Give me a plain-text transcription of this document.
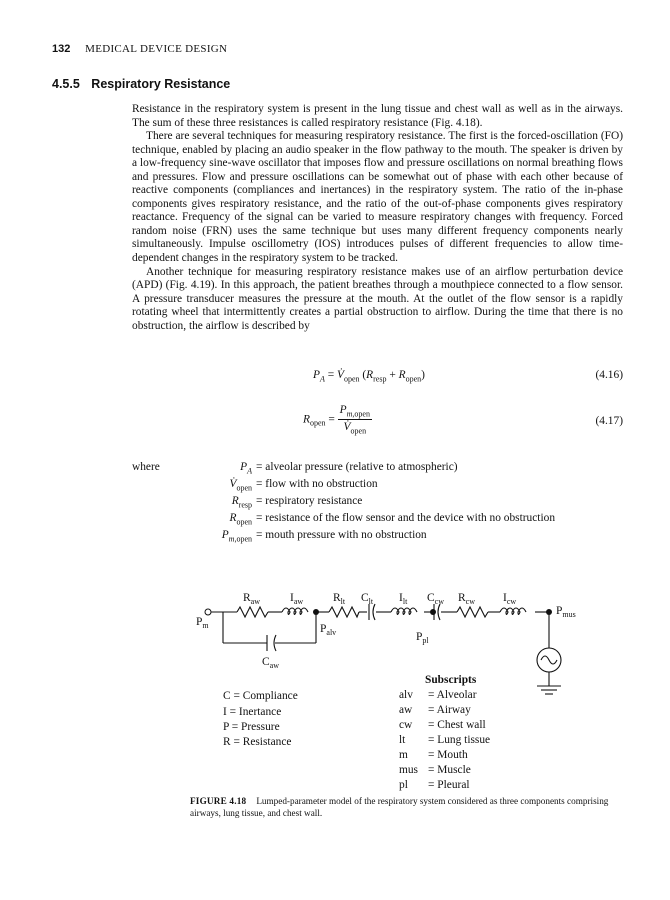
132 MEDICAL DEVICE DESIGN
4.5.5 Respiratory Resistance

Resistance in the respiratory system is present in the lung tissue and chest wall as well as in the airways. The sum of these three resistances is called respiratory resistance (Fig. 4.18).

There are several techniques for measuring respiratory resistance. The first is the forced-oscillation (FO) technique, enabled by placing an audio speaker in the flow pathway to the mouth. The speaker is driven by a low-frequency sine-wave oscillator that imposes flow and pressure oscillations on normal breathing flows and pressures. Flow and pressure oscillations can be somewhat out of phase with each other because of reactive components (compliances and inertances) in the respiratory system. The ratio of the in-phase components gives respiratory resistance, and the ratio of the out-of-phase components gives respiratory reactance. Frequency of the signal can be varied to measure respiratory changes with frequency. Forced random noise (FRN) uses the same technique but uses many different frequency components nearly simultaneously. Impulse oscillometry (IOS) introduces pulses of different frequencies to allow time-dependent changes in the respiratory system to be tracked.

Another technique for measuring respiratory resistance makes use of an airflow perturbation device (APD) (Fig. 4.19). In this approach, the patient breathes through a mouthpiece connected to a flow sensor. A pressure transducer measures the pressure at the mouth. At the outlet of the flow sensor is a rapidly rotating wheel that intermittently creates a partial obstruction to airflow. During the time that there is no obstruction, the airflow is described by

$P_A$ = $V̇_{open}$ $(R_{resp} + R_{open})$	(4.16)
$R_{open} = \frac{P_{m,open}}{V̇_{open}}$	(4.17)
where	$P_A$ = alveolar pressure (relative to atmospheric)
$V̇_{open}$ = flow with no obstruction
$R_{resp}$ = respiratory resistance
$R_{open}$ = resistance of the flow sensor and the device with no obstruction
$P_{m,open}$ = mouth pressure with no obstruction
$R_{aw}$	$I_{aw}$	$R_{lt}$ $C_{lt}$ $I_{lt}$ $C_{cw}$ $R_{cw}$ $I_{cw}$
$P_m$	$P_{alv}$	$P_{pl}$
$P_{mus}$
$C_{aw}$
C = Compliance
I = Inertance
P = Pressure
R = Resistance
Subscripts
alv = Alveolar
aw = Airway
cw = Chest wall
lt = Lung tissue
m = Mouth
mus = Muscle
pl = Pleural
FIGURE 4.18 Lumped-parameter model of the respiratory system considered as three components comprising airways, lung tissue, and chest wall.
